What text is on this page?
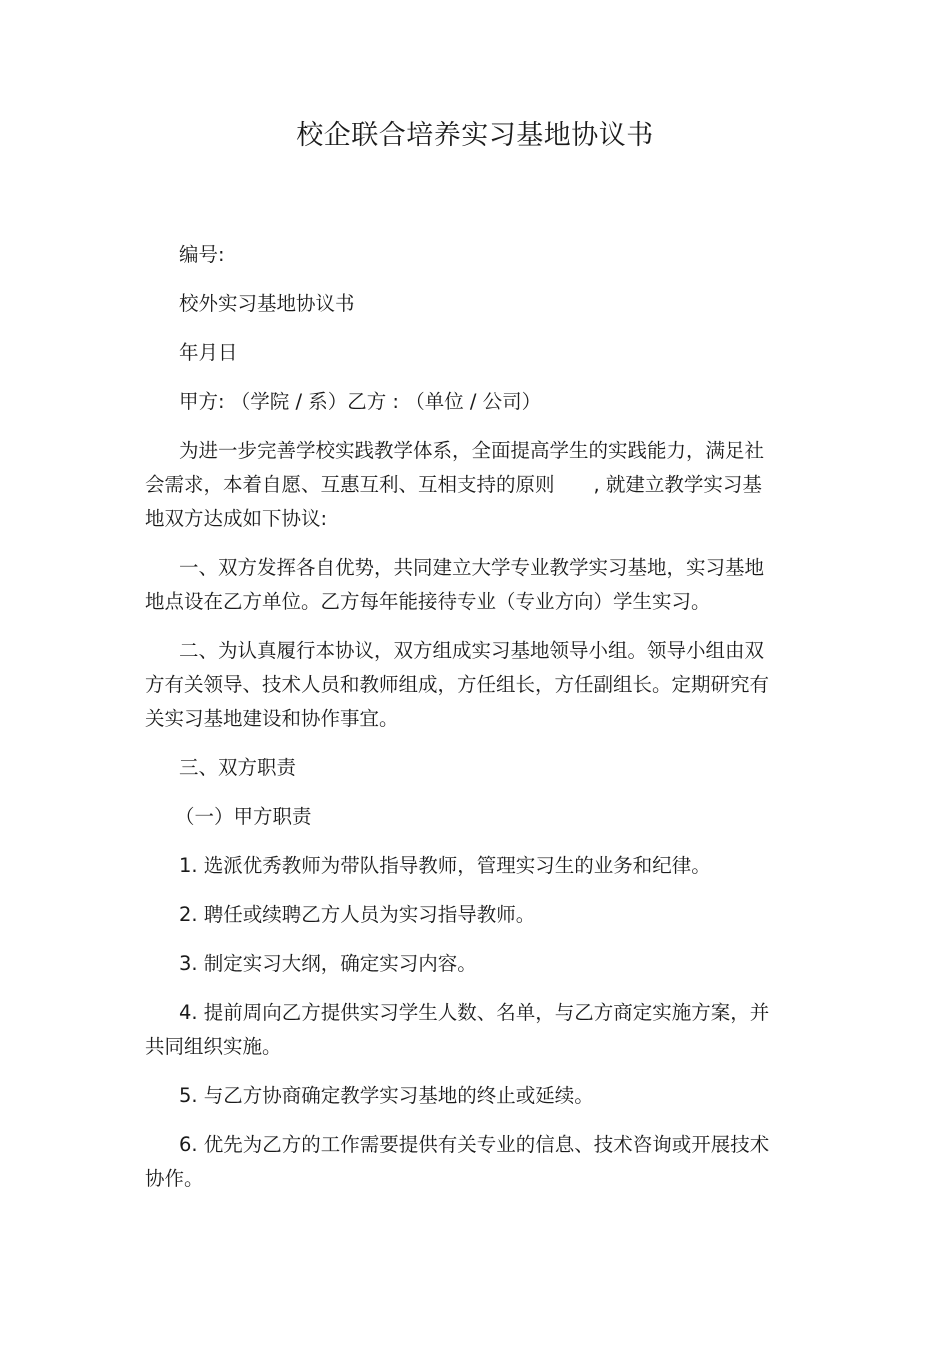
校企联合培养实习基地协议书

编号:

校外实习基地协议书

年月日

甲方: （学院 / 系）乙方 : （单位 / 公司）

为进一步完善学校实践教学体系，全面提高学生的实践能力，满足社会需求，本着自愿、互惠互利、互相支持的原则　　, 就建立教学实习基地双方达成如下协议:

一、双方发挥各自优势，共同建立大学专业教学实习基地，实习基地地点设在乙方单位。乙方每年能接待专业（专业方向）学生实习。

二、为认真履行本协议，双方组成实习基地领导小组。领导小组由双方有关领导、技术人员和教师组成，方任组长，方任副组长。定期研究有关实习基地建设和协作事宜。

三、双方职责

（一）甲方职责

1. 选派优秀教师为带队指导教师，管理实习生的业务和纪律。

2. 聘任或续聘乙方人员为实习指导教师。

3. 制定实习大纲，确定实习内容。

4. 提前周向乙方提供实习学生人数、名单，与乙方商定实施方案，并共同组织实施。

5. 与乙方协商确定教学实习基地的终止或延续。

6. 优先为乙方的工作需要提供有关专业的信息、技术咨询或开展技术协作。
